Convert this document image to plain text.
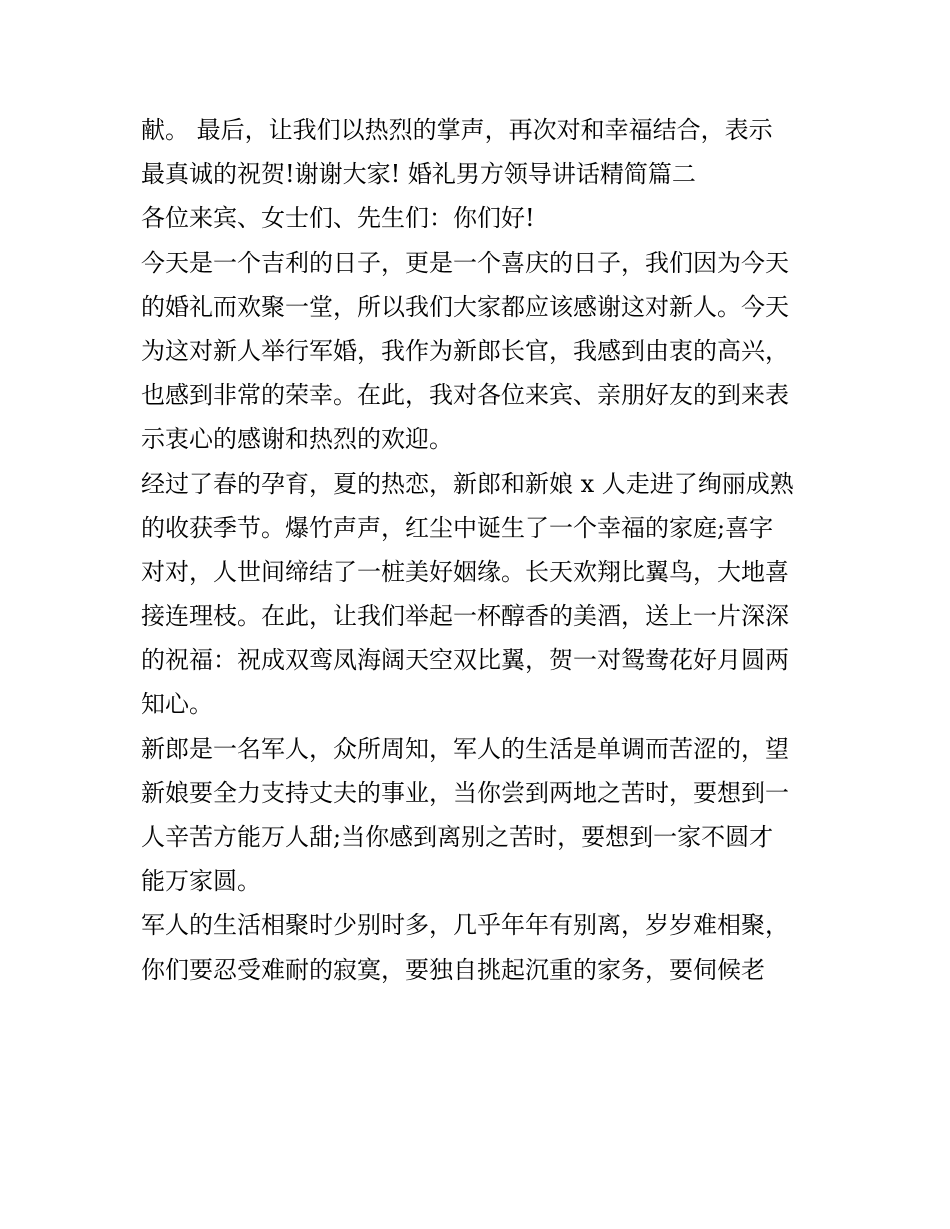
献。 最后，让我们以热烈的掌声，再次对和幸福结合，表示
最真诚的祝贺!谢谢大家! 婚礼男方领导讲话精简篇二
各位来宾、女士们、先生们：你们好!
今天是一个吉利的日子，更是一个喜庆的日子，我们因为今天
的婚礼而欢聚一堂，所以我们大家都应该感谢这对新人。今天
为这对新人举行军婚，我作为新郎长官，我感到由衷的高兴，
也感到非常的荣幸。在此，我对各位来宾、亲朋好友的到来表
示衷心的感谢和热烈的欢迎。
经过了春的孕育，夏的热恋，新郎和新娘 x 人走进了绚丽成熟
的收获季节。爆竹声声，红尘中诞生了一个幸福的家庭;喜字
对对，人世间缔结了一桩美好姻缘。长天欢翔比翼鸟，大地喜
接连理枝。在此，让我们举起一杯醇香的美酒，送上一片深深
的祝福：祝成双鸾凤海阔天空双比翼，贺一对鸳鸯花好月圆两
知心。
新郎是一名军人，众所周知，军人的生活是单调而苦涩的，望
新娘要全力支持丈夫的事业，当你尝到两地之苦时，要想到一
人辛苦方能万人甜;当你感到离别之苦时，要想到一家不圆才
能万家圆。
军人的生活相聚时少别时多，几乎年年有别离，岁岁难相聚，
你们要忍受难耐的寂寞，要独自挑起沉重的家务，要伺候老
